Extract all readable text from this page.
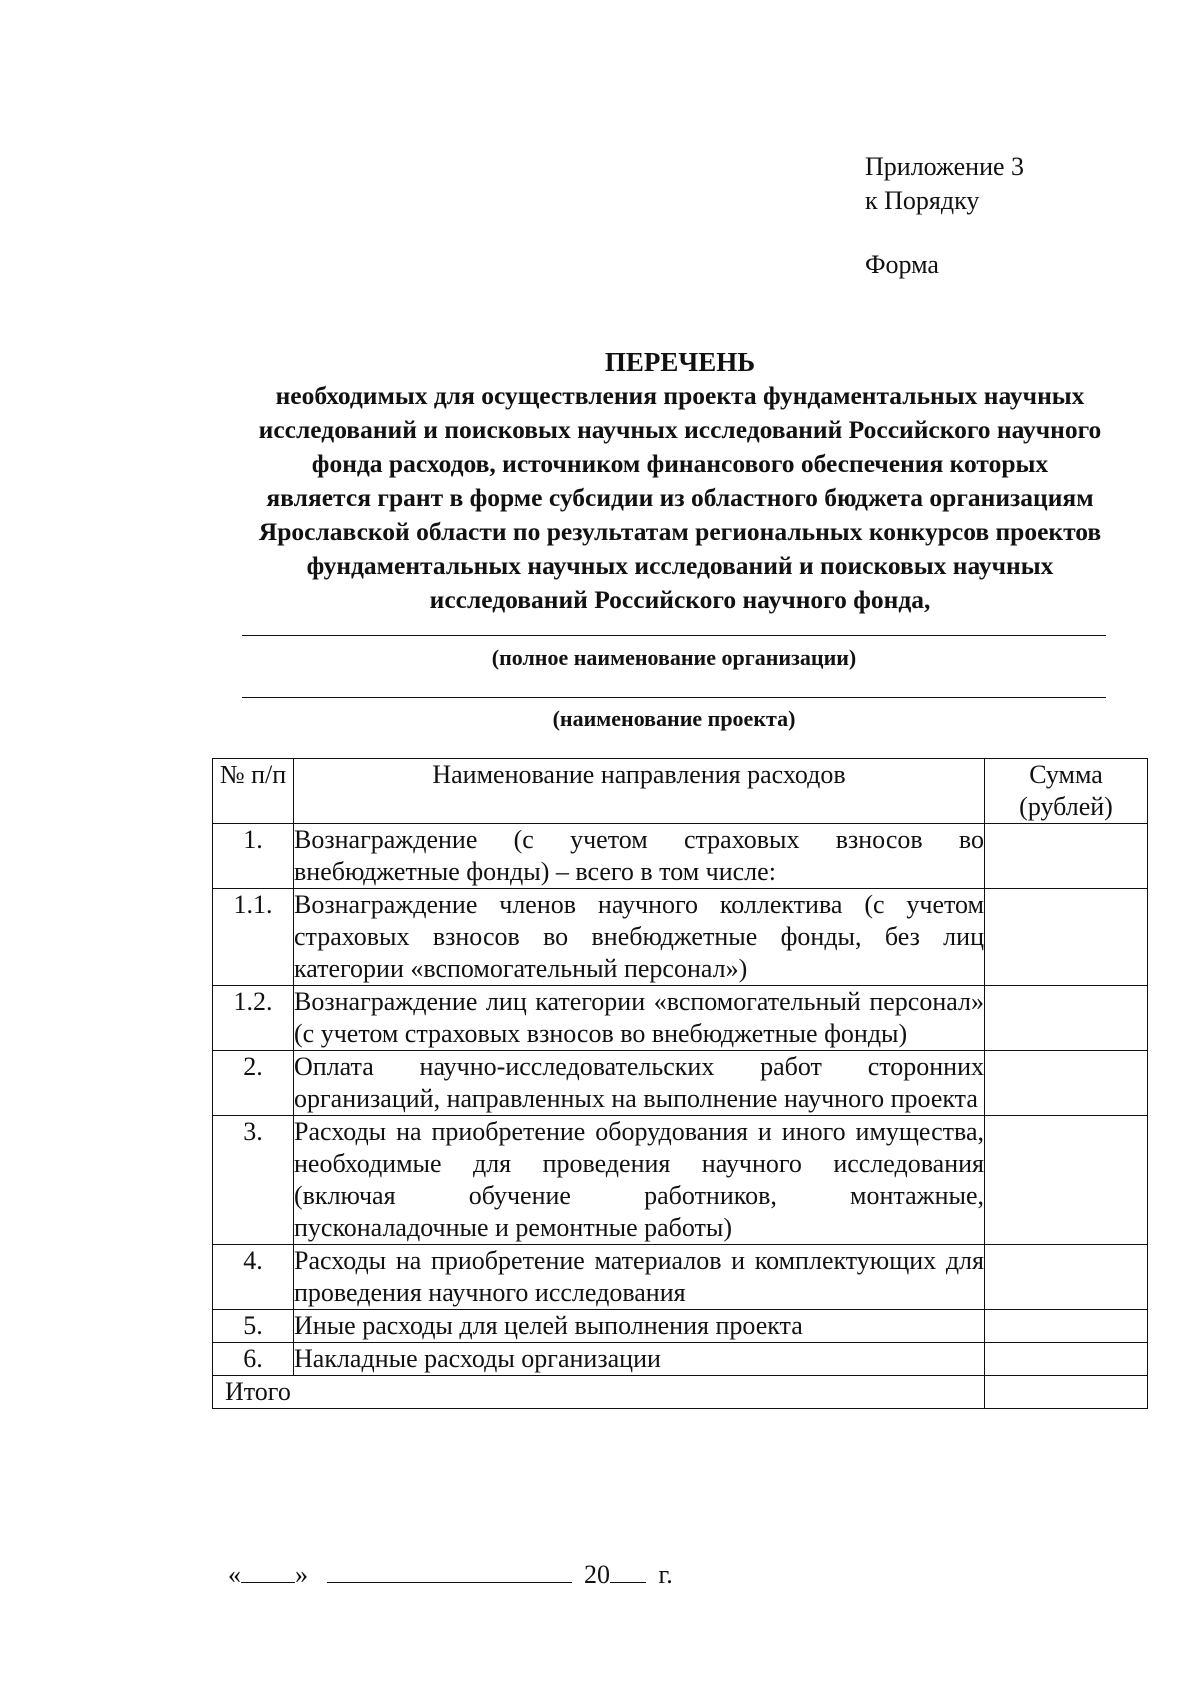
Приложение 3
к Порядку
Форма
ПЕРЕЧЕНЬ
необходимых для осуществления проекта фундаментальных научных
исследований и поисковых научных исследований Российского научного
фонда расходов, источником финансового обеспечения которых
является грант в форме субсидии из областного бюджета организациям
Ярославской области по результатам региональных конкурсов проектов
фундаментальных научных исследований и поисковых научных
исследований Российского научного фонда,
(полное наименование организации)
(наименование проекта)
№ п/п	Наименование направления расходов	Сумма (рублей)
1.	Вознаграждение (с учетом страховых взносов во внебюджетные фонды) – всего в том числе:	
1.1.	Вознаграждение членов научного коллектива (с учетом страховых взносов во внебюджетные фонды, без лиц категории «вспомогательный персонал»)	
1.2.	Вознаграждение лиц категории «вспомогательный персонал» (с учетом страховых взносов во внебюджетные фонды)	
2.	Оплата научно-исследовательских работ сторонних организаций, направленных на выполнение научного проекта	
3.	Расходы на приобретение оборудования и иного имущества, необходимые для проведения научного исследования (включая обучение работников, монтажные, пусконаладочные и ремонтные работы)	
4.	Расходы на приобретение материалов и комплектующих для проведения научного исследования	
5.	Иные расходы для целей выполнения проекта	
6.	Накладные расходы организации	
Итого		
« »	20 г.
